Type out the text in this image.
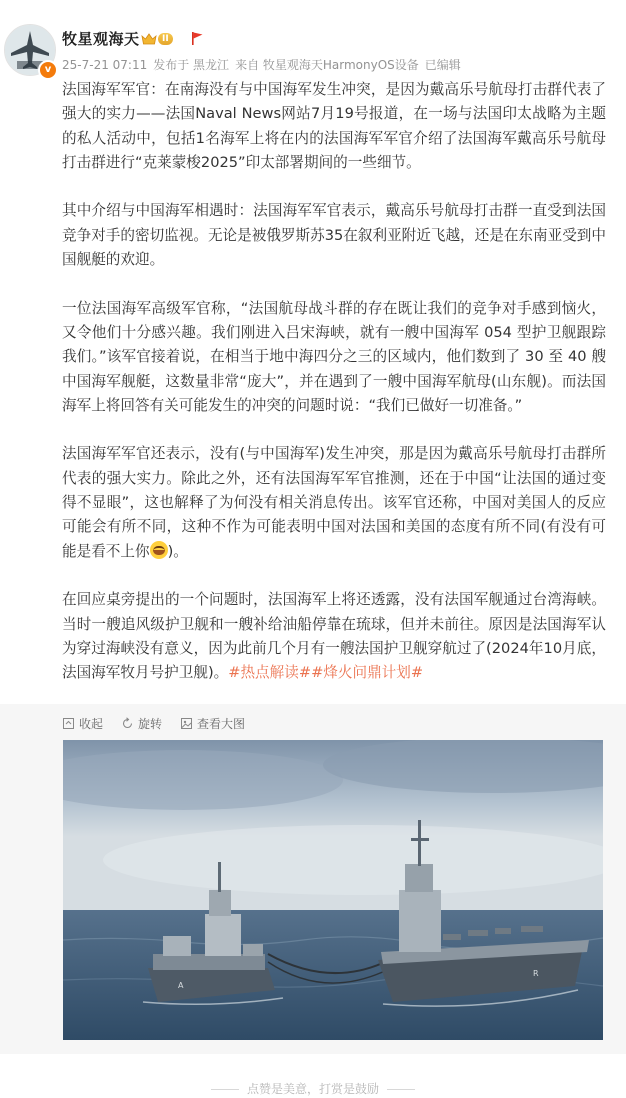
v
牧星观海天	II
25-7-21 07:11 发布于 黑龙江 来自 牧星观海天HarmonyOS设备 已编辑

法国海军军官：在南海没有与中国海军发生冲突，是因为戴高乐号航母打击群代表了强大的实力——法国Naval News网站7月19号报道，在一场与法国印太战略为主题的私人活动中，包括1名海军上将在内的法国海军军官介绍了法国海军戴高乐号航母打击群进行“克莱蒙梭2025”印太部署期间的一些细节。

其中介绍与中国海军相遇时：法国海军军官表示，戴高乐号航母打击群一直受到法国竞争对手的密切监视。无论是被俄罗斯苏35在叙利亚附近飞越，还是在东南亚受到中国舰艇的欢迎。

一位法国海军高级军官称，“法国航母战斗群的存在既让我们的竞争对手感到恼火，又令他们十分感兴趣。我们刚进入吕宋海峡，就有一艘中国海军 054 型护卫舰跟踪我们。”该军官接着说，在相当于地中海四分之三的区域内，他们数到了 30 至 40 艘中国海军舰艇，这数量非常“庞大”，并在遇到了一艘中国海军航母(山东舰)。而法国海军上将回答有关可能发生的冲突的问题时说：“我们已做好一切准备。”

法国海军军官还表示，没有(与中国海军)发生冲突，那是因为戴高乐号航母打击群所代表的强大实力。除此之外，还有法国海军军官推测，还在于中国“让法国的通过变得不显眼”，这也解释了为何没有相关消息传出。该军官还称，中国对美国人的反应可能会有所不同，这种不作为可能表明中国对法国和美国的态度有所不同(有没有可能是看不上你 )。

在回应桌旁提出的一个问题时，法国海军上将还透露，没有法国军舰通过台湾海峡。当时一艘追风级护卫舰和一艘补给油船停靠在琉球，但并未前往。原因是法国海军认为穿过海峡没有意义，因为此前几个月有一艘法国护卫舰穿航过了(2024年10月底，法国海军牧月号护卫舰)。#热点解读##烽火问鼎计划#

收起	旋转	查看大图
A
R
点赞是美意，打赏是鼓励
